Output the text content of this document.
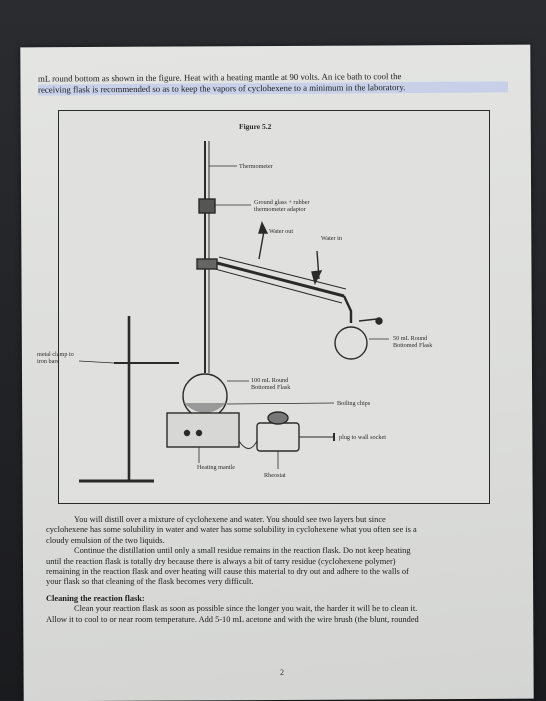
mL round bottom as shown in the figure. Heat with a heating mantle at 90 volts. An ice bath to cool the
receiving flask is recommended so as to keep the vapors of cyclohexene to a minimum in the laboratory.
Figure 5.2
Thermometer
Ground glass + rubber
thermometer adaptor
Water out
Water in
50 mL Round
Bottomed Flask
metal clamp to
iron bars
100 mL Round
Bottomed Flask
Boiling chips
plug to wall socket
Heating mantle
Rheostat

You will distill over a mixture of cyclohexene and water. You should see two layers but since

cyclohexene has some solubility in water and water has some solubility in cyclohexene what you often see is a

cloudy emulsion of the two liquids.

Continue the distillation until only a small residue remains in the reaction flask. Do not keep heating

until the reaction flask is totally dry because there is always a bit of tarry residue (cyclohexene polymer)

remaining in the reaction flask and over heating will cause this material to dry out and adhere to the walls of

your flask so that cleaning of the flask becomes very difficult.

Cleaning the reaction flask:

Clean your reaction flask as soon as possible since the longer you wait, the harder it will be to clean it.

Allow it to cool to or near room temperature. Add 5-10 mL acetone and with the wire brush (the blunt, rounded

2
